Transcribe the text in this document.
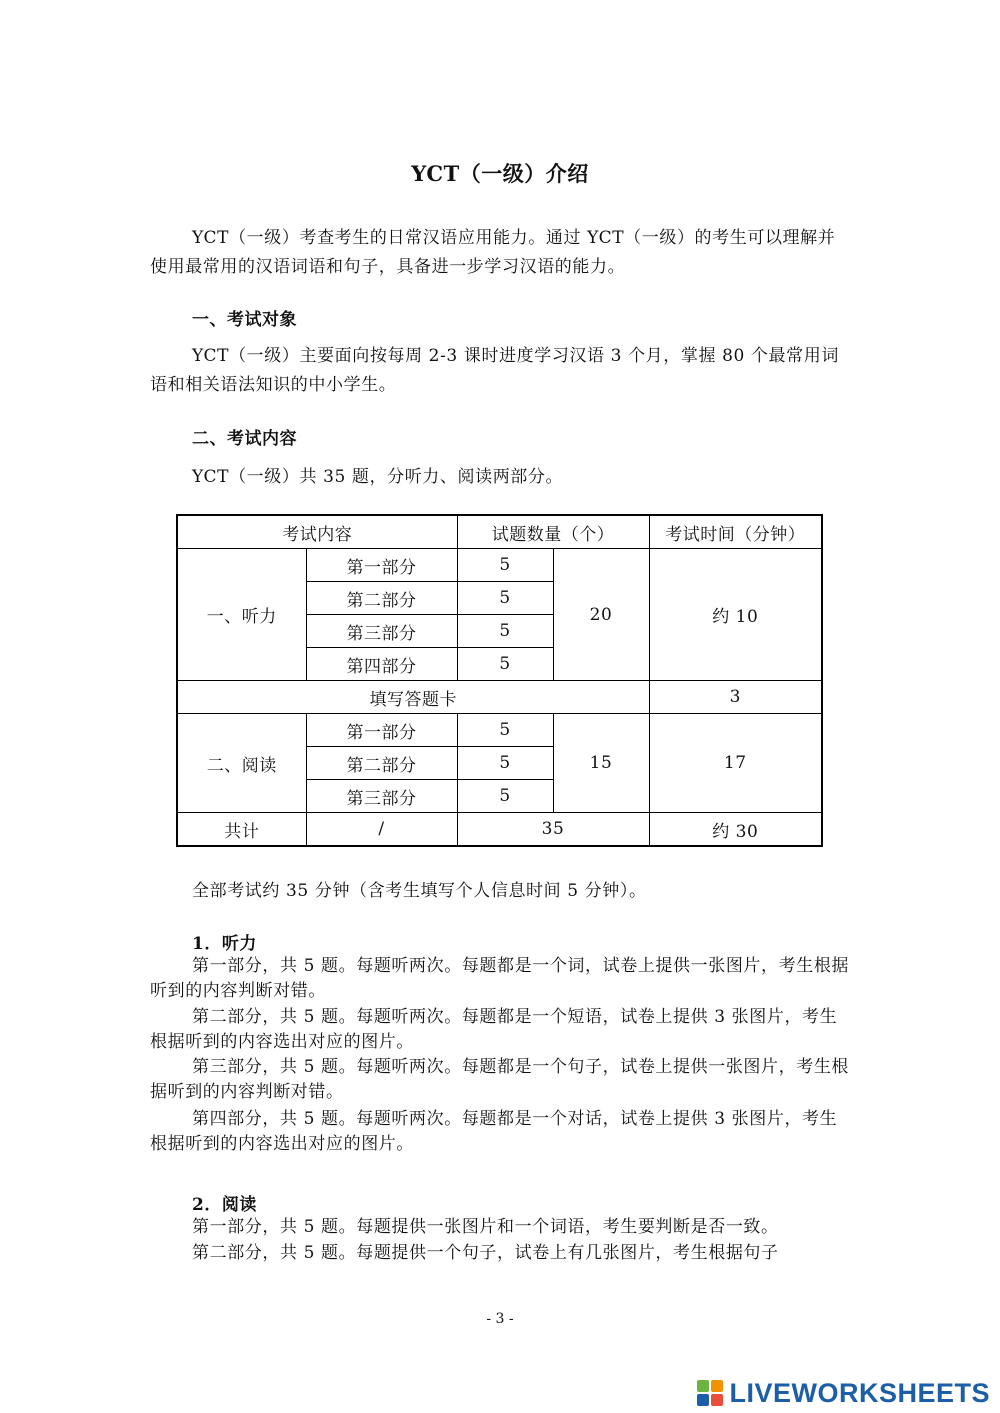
YCT（一级）介绍
YCT（一级）考查考生的日常汉语应用能力。通过 YCT（一级）的考生可以理解并使用最常用的汉语词语和句子，具备进一步学习汉语的能力。
一、考试对象
YCT（一级）主要面向按每周 2-3 课时进度学习汉语 3 个月，掌握 80 个最常用词语和相关语法知识的中小学生。
二、考试内容
YCT（一级）共 35 题，分听力、阅读两部分。
考试内容		试题数量（个）		考试时间（分钟）
一、听力	第一部分	5	20	约 10
	第二部分	5		
	第三部分	5		
	第四部分	5		
填写答题卡				3
二、阅读	第一部分	5	15	17
	第二部分	5		
	第三部分	5		
共计	/	35		约 30
全部考试约 35 分钟（含考生填写个人信息时间 5 分钟）。
1．听力
第一部分，共 5 题。每题听两次。每题都是一个词，试卷上提供一张图片，考生根据听到的内容判断对错。
第二部分，共 5 题。每题听两次。每题都是一个短语，试卷上提供 3 张图片，考生根据听到的内容选出对应的图片。
第三部分，共 5 题。每题听两次。每题都是一个句子，试卷上提供一张图片，考生根据听到的内容判断对错。
第四部分，共 5 题。每题听两次。每题都是一个对话，试卷上提供 3 张图片，考生根据听到的内容选出对应的图片。
2．阅读
第一部分，共 5 题。每题提供一张图片和一个词语，考生要判断是否一致。
第二部分，共 5 题。每题提供一个句子，试卷上有几张图片，考生根据句子
- 3 -
LIVEWORKSHEETS
